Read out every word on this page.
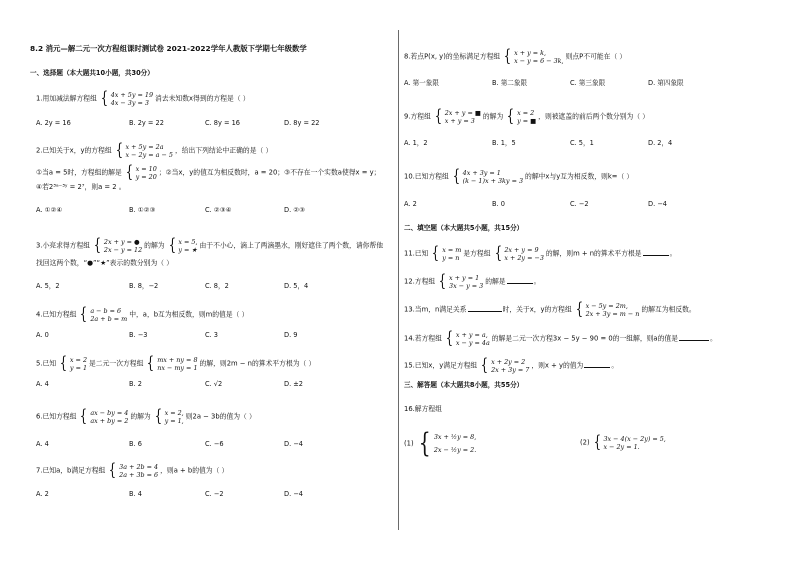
8.2 消元—解二元一次方程组课时测试卷 2021-2022学年人教版下学期七年级数学
一、选择题（本大题共10小题，共30分）
1.用加减法解方程组 { 4x + 5y = 19
4x − 3y = 3 消去未知数x得到的方程是（ ）
A. 2y = 16	B. 2y = 22	C. 8y = 16	D. 8y = 22
2.已知关于x，y的方程组 { x + 5y = 2a
x − 2y = a − 5 ，给出下列结论中正确的是（ ）
①当a = 5时，方程组的解是 { x = 10
y = 20 ；②当x，y的值互为相反数时，a = 20；③不存在一个实数a使得x = y；
④若2³ᵃ⁻³ʸ = 2⁷，则a = 2 。
A. ①②④	B. ①②③	C. ②③④	D. ②③
3.小亮求得方程组 { 2x + y = ●
2x − y = 12 的解为 { x = 5,
y = ★ 由于不小心，滴上了两滴墨水，刚好遮住了两个数，请你帮他
找回这两个数，“●”“★”表示的数分别为（ ）
A. 5，2	B. 8，−2	C. 8，2	D. 5，4
4.已知方程组 { a − b = 6
2a + b = m 中，a，b互为相反数，则m的值是（ ）
A. 0	B. −3	C. 3	D. 9
5.已知 { x = 2
y = 1 是二元一次方程组 { mx + ny = 8
nx − my = 1 的解，则2m − n的算术平方根为（ ）
A. 4	B. 2	C. √2	D. ±2
6.已知方程组 { ax − by = 4
ax + by = 2 的解为 { x = 2,
y = 1, 则2a − 3b的值为（ ）
A. 4	B. 6	C. −6	D. −4
7.已知a，b满足方程组 { 3a + 2b = 4
2a + 3b = 6 ，则a + b的值为（ ）
A. 2	B. 4	C. −2	D. −4
8.若点P(x, y)的坐标满足方程组 { x + y = k,
x − y = 6 − 3k, 则点P不可能在（ ）
A. 第一象限	B. 第二象限	C. 第三象限	D. 第四象限
9.方程组 { 2x + y = ■
x + y = 3	的解为 { x = 2
y = ■ ，则被遮盖的前后两个数分别为（ ）
A. 1，2	B. 1，5	C. 5，1	D. 2，4
10.已知方程组 { 4x + 3y = 1
(k − 1)x + 3ky = 3 的解中x与y互为相反数，则k=（ ）
A. 2	B. 0	C. −2	D. −4
二、填空题（本大题共5小题，共15分）
11.已知 { x = m
y = n 是方程组 { 2x + y = 9
x + 2y = −3 的解，则m + n的算术平方根是	。
12.方程组 { x + y = 1
3x − y = 3 的解是	。
13.当m，n满足关系	时，关于x，y的方程组 { x − 5y = 2m,
2x + 3y = m − n 的解互为相反数。
14.若方程组 { x + y = a,
x − y = 4a 的解是二元一次方程3x − 5y − 90 = 0的一组解，则a的值是	。
15.已知x，y满足方程组 { x + 2y = 2
2x + 3y = 7 ，则x + y的值为	。
三、解答题（本大题共8小题，共55分）
16.解方程组
(1) { 3x + ½y = 8,
2x − ½y = 2.
(2) { 3x − 4(x − 2y) = 5,
x − 2y = 1.
